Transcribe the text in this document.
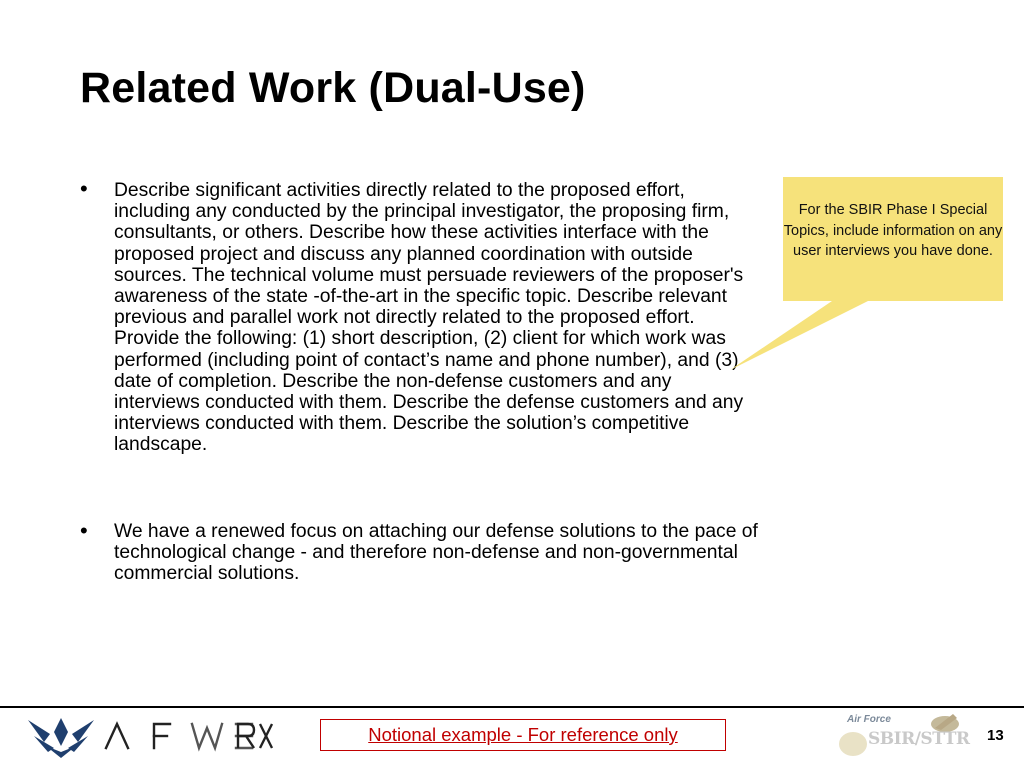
Related Work (Dual-Use)
• Describe significant activities directly related to the proposed effort, including any conducted by the principal investigator, the proposing firm, consultants, or others. Describe how these activities interface with the proposed project and discuss any planned coordination with outside sources. The technical volume must persuade reviewers of the proposer's awareness of the state -of-the-art in the specific topic. Describe relevant previous and parallel work not directly related to the proposed effort. Provide the following: (1) short description, (2) client for which work was performed (including point of contact’s name and phone number), and (3) date of completion. Describe the non-defense customers and any interviews conducted with them. Describe the defense customers and any interviews conducted with them. Describe the solution’s competitive landscape.
• We have a renewed focus on attaching our defense solutions to the pace of technological change - and therefore non-defense and non-governmental commercial solutions.
For the SBIR Phase I Special Topics, include information on any user interviews you have done.
Notional example - For reference only
Air Force
SBIR/STTR 13
